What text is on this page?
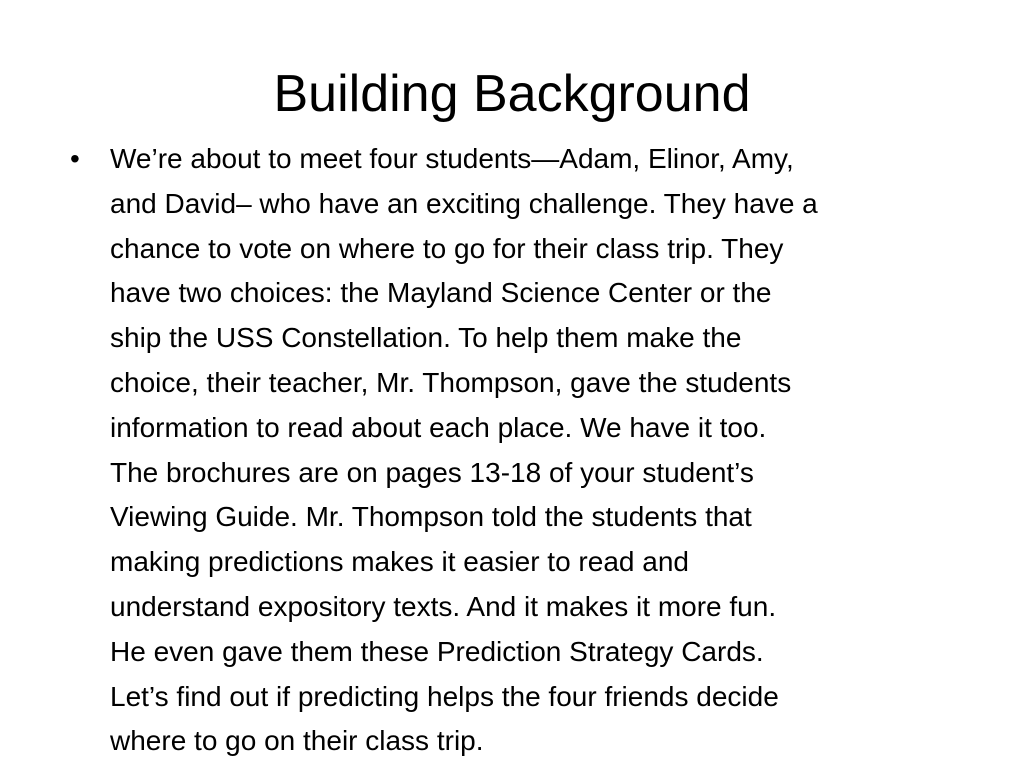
Building Background
•	We’re about to meet four students—Adam, Elinor, Amy,
and David– who have an exciting challenge. They have a
chance to vote on where to go for their class trip. They
have two choices: the Mayland Science Center or the
ship the USS Constellation. To help them make the
choice, their teacher, Mr. Thompson, gave the students
information to read about each place. We have it too.
The brochures are on pages 13-18 of your student’s
Viewing Guide. Mr. Thompson told the students that
making predictions makes it easier to read and
understand expository texts. And it makes it more fun.
He even gave them these Prediction Strategy Cards.
Let’s find out if predicting helps the four friends decide
where to go on their class trip.
